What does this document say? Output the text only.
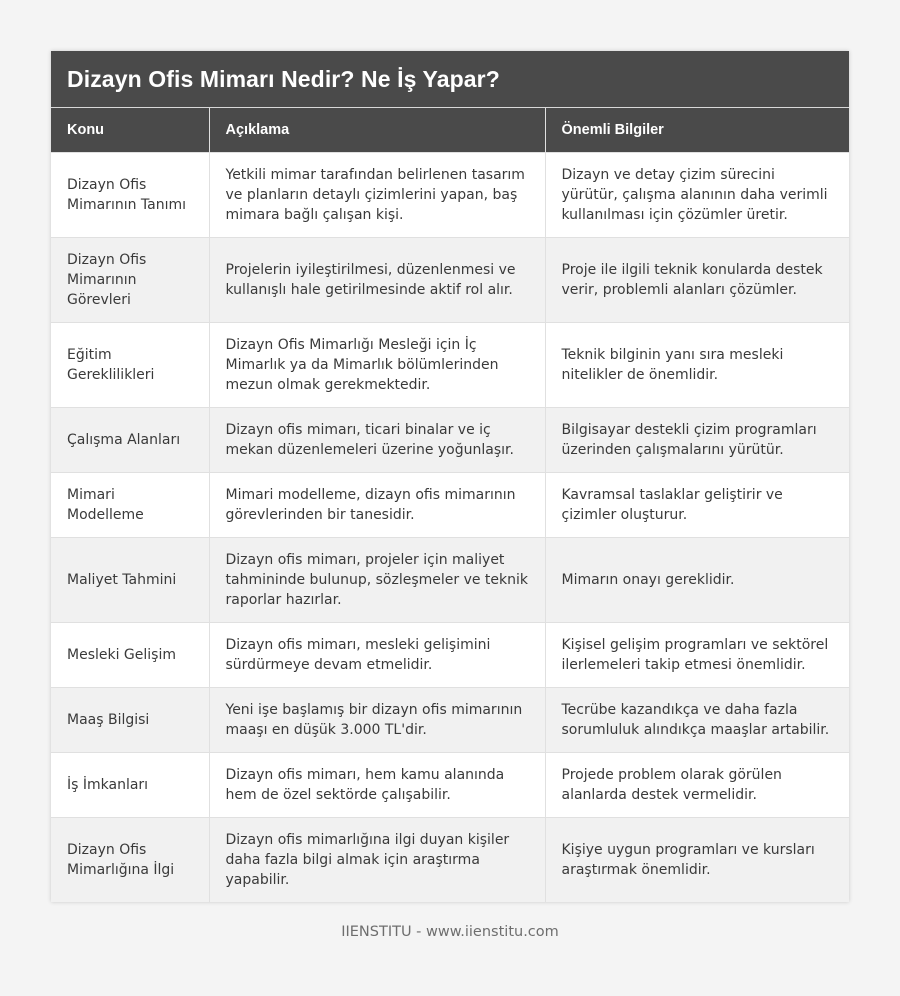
Dizayn Ofis Mimarı Nedir? Ne İş Yapar?
Konu	Açıklama	Önemli Bilgiler
Dizayn Ofis Mimarının Tanımı	Yetkili mimar tarafından belirlenen tasarım ve planların detaylı çizimlerini yapan, baş mimara bağlı çalışan kişi.	Dizayn ve detay çizim sürecini yürütür, çalışma alanının daha verimli kullanılması için çözümler üretir.
Dizayn Ofis Mimarının Görevleri	Projelerin iyileştirilmesi, düzenlenmesi ve kullanışlı hale getirilmesinde aktif rol alır.	Proje ile ilgili teknik konularda destek verir, problemli alanları çözümler.
Eğitim Gereklilikleri	Dizayn Ofis Mimarlığı Mesleği için İç Mimarlık ya da Mimarlık bölümlerinden mezun olmak gerekmektedir.	Teknik bilginin yanı sıra mesleki nitelikler de önemlidir.
Çalışma Alanları	Dizayn ofis mimarı, ticari binalar ve iç mekan düzenlemeleri üzerine yoğunlaşır.	Bilgisayar destekli çizim programları üzerinden çalışmalarını yürütür.
Mimari Modelleme	Mimari modelleme, dizayn ofis mimarının görevlerinden bir tanesidir.	Kavramsal taslaklar geliştirir ve çizimler oluşturur.
Maliyet Tahmini	Dizayn ofis mimarı, projeler için maliyet tahmininde bulunup, sözleşmeler ve teknik raporlar hazırlar.	Mimarın onayı gereklidir.
Mesleki Gelişim	Dizayn ofis mimarı, mesleki gelişimini sürdürmeye devam etmelidir.	Kişisel gelişim programları ve sektörel ilerlemeleri takip etmesi önemlidir.
Maaş Bilgisi	Yeni işe başlamış bir dizayn ofis mimarının maaşı en düşük 3.000 TL'dir.	Tecrübe kazandıkça ve daha fazla sorumluluk alındıkça maaşlar artabilir.
İş İmkanları	Dizayn ofis mimarı, hem kamu alanında hem de özel sektörde çalışabilir.	Projede problem olarak görülen alanlarda destek vermelidir.
Dizayn Ofis Mimarlığına İlgi	Dizayn ofis mimarlığına ilgi duyan kişiler daha fazla bilgi almak için araştırma yapabilir.	Kişiye uygun programları ve kursları araştırmak önemlidir.
IIENSTITU - www.iienstitu.com
